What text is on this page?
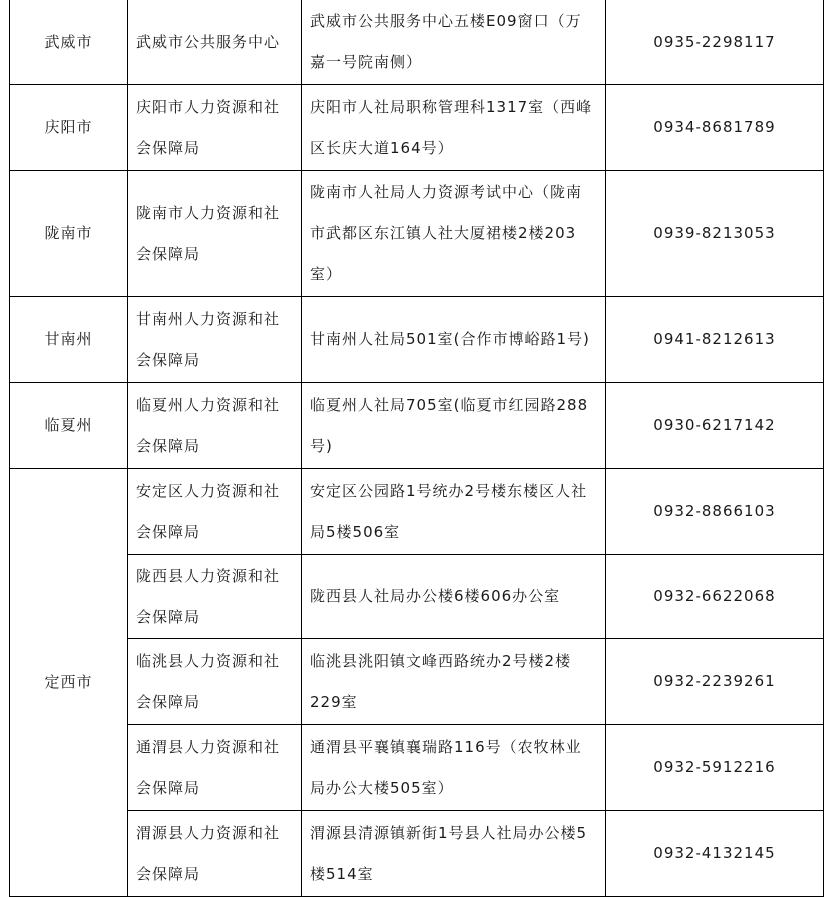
武威市	武威市公共服务中心	武威市公共服务中心五楼E09窗口（万嘉一号院南侧）	0935-2298117
庆阳市	庆阳市人力资源和社会保障局	庆阳市人社局职称管理科1317室（西峰区长庆大道164号）	0934-8681789
陇南市	陇南市人力资源和社会保障局	陇南市人社局人力资源考试中心（陇南市武都区东江镇人社大厦裙楼2楼203室）	0939-8213053
甘南州	甘南州人力资源和社会保障局	甘南州人社局501室(合作市博峪路1号)	0941-8212613
临夏州	临夏州人力资源和社会保障局	临夏州人社局705室(临夏市红园路288号)	0930-6217142
定西市	安定区人力资源和社会保障局	安定区公园路1号统办2号楼东楼区人社局5楼506室	0932-8866103
	陇西县人力资源和社会保障局	陇西县人社局办公楼6楼606办公室	0932-6622068
	临洮县人力资源和社会保障局	临洮县洮阳镇文峰西路统办2号楼2楼229室	0932-2239261
	通渭县人力资源和社会保障局	通渭县平襄镇襄瑞路116号（农牧林业局办公大楼505室）	0932-5912216
	渭源县人力资源和社会保障局	渭源县清源镇新街1号县人社局办公楼5楼514室	0932-4132145
